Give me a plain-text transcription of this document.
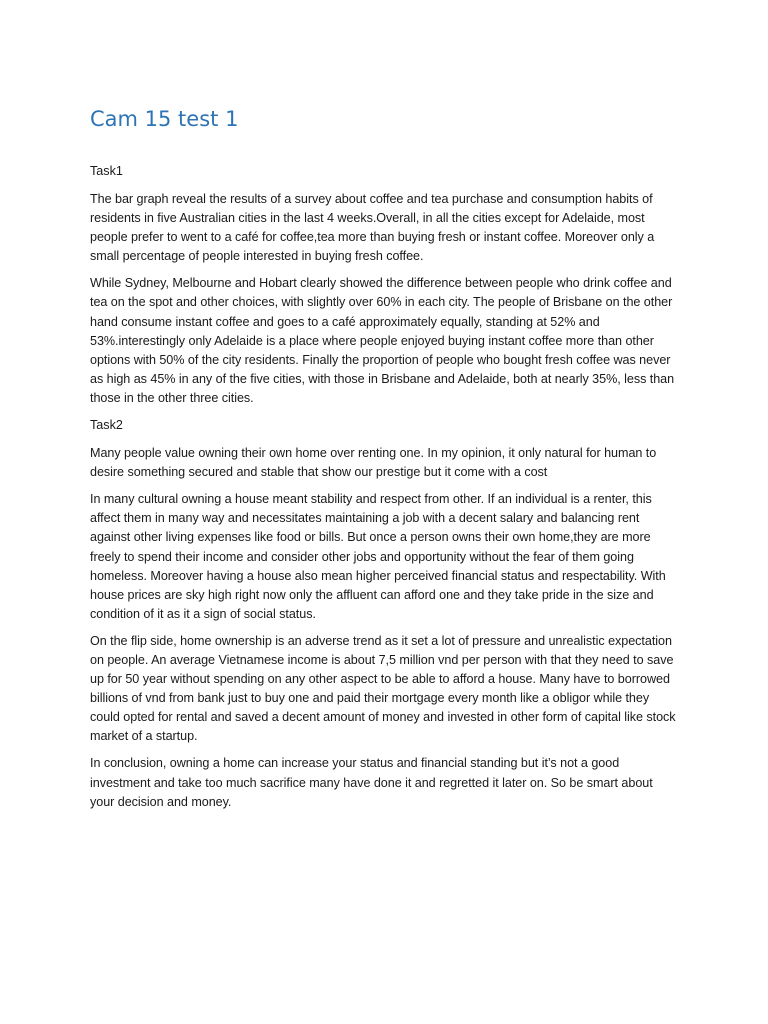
Cam 15 test 1

Task1

The bar graph reveal the results of a survey about coffee and tea purchase and consumption habits of residents in five Australian cities in the last 4 weeks.Overall, in all the cities except for Adelaide, most people prefer to went to a café for coffee,tea more than buying fresh or instant coffee. Moreover only a small percentage of people interested in buying fresh coffee.

While Sydney, Melbourne and Hobart clearly showed the difference between people who drink coffee and tea on the spot and other choices, with slightly over 60% in each city. The people of Brisbane on the other hand consume instant coffee and goes to a café approximately equally, standing at 52% and 53%.interestingly only Adelaide is a place where people enjoyed buying instant coffee more than other options with 50% of the city residents. Finally the proportion of people who bought fresh coffee was never as high as 45% in any of the five cities, with those in Brisbane and Adelaide, both at nearly 35%, less than those in the other three cities.

Task2

Many people value owning their own home over renting one. In my opinion, it only natural for human to desire something secured and stable that show our prestige but it come with a cost

In many cultural owning a house meant stability and respect from other. If an individual is a renter, this affect them in many way and necessitates maintaining a job with a decent salary and balancing rent against other living expenses like food or bills. But once a person owns their own home,they are more freely to spend their income and consider other jobs and opportunity without the fear of them going homeless. Moreover having a house also mean higher perceived financial status and respectability. With house prices are sky high right now only the affluent can afford one and they take pride in the size and condition of it as it a sign of social status.

On the flip side, home ownership is an adverse trend as it set a lot of pressure and unrealistic expectation on people. An average Vietnamese income is about 7,5 million vnd per person with that they need to save up for 50 year without spending on any other aspect to be able to afford a house. Many have to borrowed billions of vnd from bank just to buy one and paid their mortgage every month like a obligor while they could opted for rental and saved a decent amount of money and invested in other form of capital like stock market of a startup.

In conclusion, owning a home can increase your status and financial standing but it’s not a good investment and take too much sacrifice many have done it and regretted it later on. So be smart about your decision and money.
